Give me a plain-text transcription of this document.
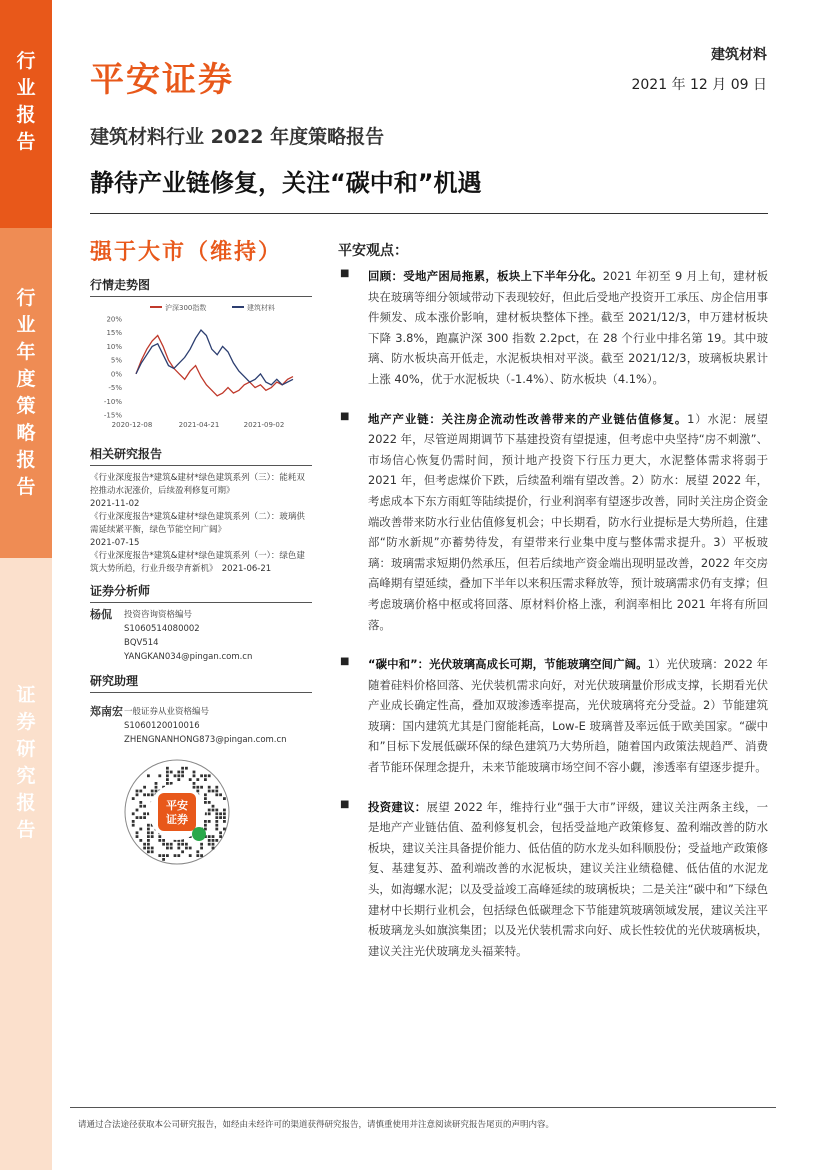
行
业
报
告
行
业
年
度
策
略
报
告
证
券
研
究
报
告
平安证券
建筑材料
2021 年 12 月 09 日
建筑材料行业 2022 年度策略报告
静待产业链修复，关注“碳中和”机遇
强于大市（维持）
行情走势图
沪深300指数	建筑材料
20%
15%
10%
5%
0%
-5%
-10%
-15%
2020-12-08	2021-04-21	2021-09-02
相关研究报告
《行业深度报告*建筑&建材*绿色建筑系列（三）：能耗双控推动水泥涨价，后续盈利修复可期》
2021-11-02
《行业深度报告*建筑&建材*绿色建筑系列（二）：玻璃供需延续紧平衡，绿色节能空间广阔》
2021-07-15
《行业深度报告*建筑&建材*绿色建筑系列（一）：绿色建筑大势所趋，行业升级孕育新机》　2021-06-21
证券分析师
杨侃	投资咨询资格编号
S1060514080002
BQV514
YANGKAN034@pingan.com.cn
研究助理
郑南宏 一般证券从业资格编号
S1060120010016
ZHENGNANHONG873@pingan.com.cn
平安
证券
平安观点：
■	回顾：受地产困局拖累，板块上下半年分化。2021 年初至 9 月上旬，建材板块在玻璃等细分领域带动下表现较好，但此后受地产投资开工承压、房企信用事件频发、成本涨价影响，建材板块整体下挫。截至 2021/12/3，申万建材板块下降 3.8%，跑赢沪深 300 指数 2.2pct，在 28 个行业中排名第 19。其中玻璃、防水板块高开低走，水泥板块相对平淡。截至 2021/12/3，玻璃板块累计上涨 40%，优于水泥板块（-1.4%）、防水板块（4.1%）。

■	地产产业链：关注房企流动性改善带来的产业链估值修复。1）水泥：展望 2022 年，尽管逆周期调节下基建投资有望提速，但考虑中央坚持“房不刺激”、市场信心恢复仍需时间，预计地产投资下行压力更大，水泥整体需求将弱于 2021 年，但考虑煤价下跌，后续盈利端有望改善。2）防水：展望 2022 年，考虑成本下东方雨虹等陆续提价，行业利润率有望逐步改善，同时关注房企资金端改善带来防水行业估值修复机会；中长期看，防水行业提标是大势所趋，住建部“防水新规”亦蓄势待发，有望带来行业集中度与整体需求提升。3）平板玻璃：玻璃需求短期仍然承压，但若后续地产资金端出现明显改善，2022 年交房高峰期有望延续，叠加下半年以来积压需求释放等，预计玻璃需求仍有支撑；但考虑玻璃价格中枢或将回落、原材料价格上涨，利润率相比 2021 年将有所回落。

■	“碳中和”：光伏玻璃高成长可期，节能玻璃空间广阔。1）光伏玻璃：2022 年随着硅料价格回落、光伏装机需求向好，对光伏玻璃量价形成支撑，长期看光伏产业成长确定性高，叠加双玻渗透率提高，光伏玻璃将充分受益。2）节能建筑玻璃：国内建筑尤其是门窗能耗高，Low-E 玻璃普及率远低于欧美国家。“碳中和”目标下发展低碳环保的绿色建筑乃大势所趋，随着国内政策法规趋严、消费者节能环保理念提升，未来节能玻璃市场空间不容小觑，渗透率有望逐步提升。

■	投资建议：展望 2022 年，维持行业“强于大市”评级，建议关注两条主线，一是地产产业链估值、盈利修复机会，包括受益地产政策修复、盈利端改善的防水板块，建议关注具备提价能力、低估值的防水龙头如科顺股份；受益地产政策修复、基建复苏、盈利端改善的水泥板块，建议关注业绩稳健、低估值的水泥龙头，如海螺水泥；以及受益竣工高峰延续的玻璃板块；二是关注“碳中和”下绿色建材中长期行业机会，包括绿色低碳理念下节能建筑玻璃领域发展，建议关注平板玻璃龙头如旗滨集团；以及光伏装机需求向好、成长性较优的光伏玻璃板块，建议关注光伏玻璃龙头福莱特。

请通过合法途径获取本公司研究报告，如经由未经许可的渠道获得研究报告，请慎重使用并注意阅读研究报告尾页的声明内容。
